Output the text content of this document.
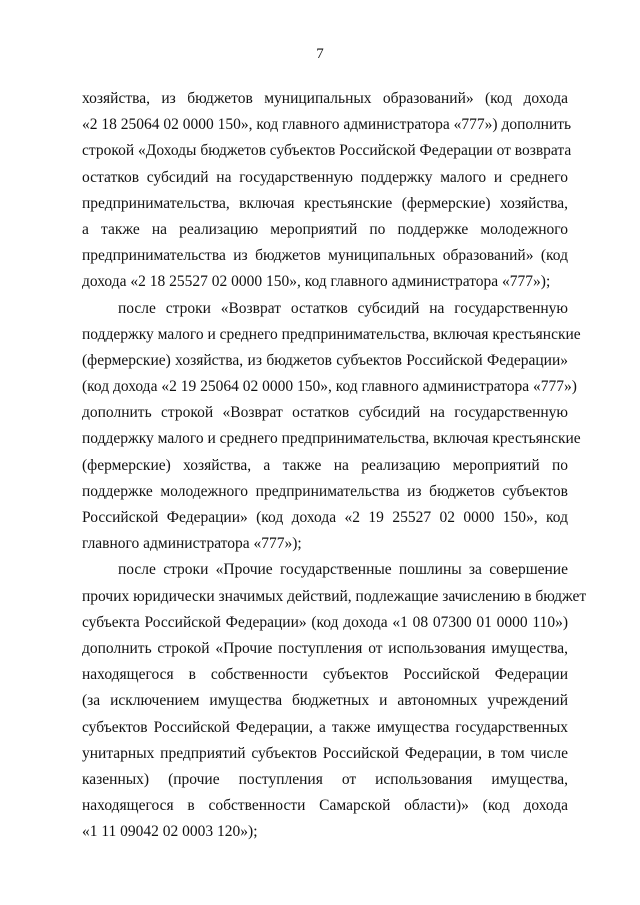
7
хозяйства, из бюджетов муниципальных образований» (код дохода
«2 18 25064 02 0000 150», код главного администратора «777») дополнить
строкой «Доходы бюджетов субъектов Российской Федерации от возврата
остатков субсидий на государственную поддержку малого и среднего
предпринимательства, включая крестьянские (фермерские) хозяйства,
а также на реализацию мероприятий по поддержке молодежного
предпринимательства из бюджетов муниципальных образований» (код
дохода «2 18 25527 02 0000 150», код главного администратора «777»);
после строки «Возврат остатков субсидий на государственную
поддержку малого и среднего предпринимательства, включая крестьянские
(фермерские) хозяйства, из бюджетов субъектов Российской Федерации»
(код дохода «2 19 25064 02 0000 150», код главного администратора «777»)
дополнить строкой «Возврат остатков субсидий на государственную
поддержку малого и среднего предпринимательства, включая крестьянские
(фермерские) хозяйства, а также на реализацию мероприятий по
поддержке молодежного предпринимательства из бюджетов субъектов
Российской Федерации» (код дохода «2 19 25527 02 0000 150», код
главного администратора «777»);
после строки «Прочие государственные пошлины за совершение
прочих юридически значимых действий, подлежащие зачислению в бюджет
субъекта Российской Федерации» (код дохода «1 08 07300 01 0000 110»)
дополнить строкой «Прочие поступления от использования имущества,
находящегося в собственности субъектов Российской Федерации
(за исключением имущества бюджетных и автономных учреждений
субъектов Российской Федерации, а также имущества государственных
унитарных предприятий субъектов Российской Федерации, в том числе
казенных) (прочие поступления от использования имущества,
находящегося в собственности Самарской области)» (код дохода
«1 11 09042 02 0003 120»);
